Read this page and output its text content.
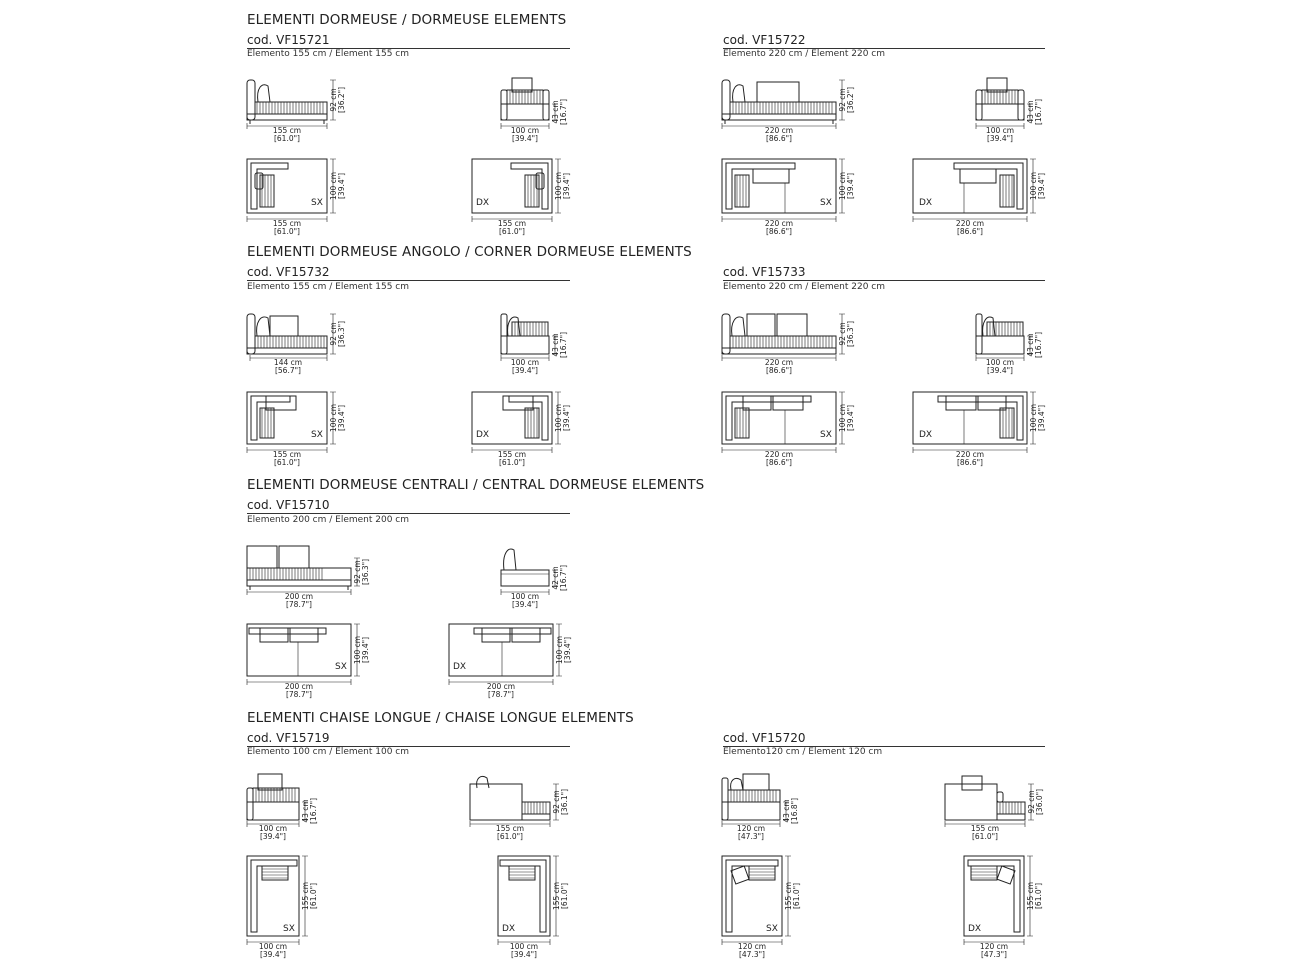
ELEMENTI DORMEUSE / DORMEUSE ELEMENTS
cod. VF15721
Elemento 155 cm / Element 155 cm
cod. VF15722
Elemento 220 cm / Element 220 cm
155 cm
[61.0"]
92 cm [36.2"]
100 cm
[39.4"]
43 cm [16.7"]
SX
155 cm
[61.0"]
100 cm [39.4"]
DX
155 cm
[61.0"]
100 cm [39.4"]
220 cm
[86.6"]
92 cm [36.2"]
100 cm
[39.4"]
43 cm [16.7"]
SX
220 cm
[86.6"]
100 cm [39.4"]
DX
220 cm
[86.6"]
100 cm [39.4"]
ELEMENTI DORMEUSE ANGOLO / CORNER DORMEUSE ELEMENTS
cod. VF15732
Elemento 155 cm / Element 155 cm
cod. VF15733
Elemento 220 cm / Element 220 cm
144 cm
[56.7"]
92 cm [36.3"]
100 cm
[39.4"]
43 cm [16.7"]
SX
155 cm
[61.0"]
100 cm [39.4"]
DX
155 cm
[61.0"]
100 cm [39.4"]
220 cm
[86.6"]
92 cm [36.3"]
100 cm
[39.4"]
43 cm [16.7"]
SX
220 cm
[86.6"]
100 cm [39.4"]
DX
220 cm
[86.6"]
100 cm [39.4"]
ELEMENTI DORMEUSE CENTRALI / CENTRAL DORMEUSE ELEMENTS
cod. VF15710
Elemento 200 cm / Element 200 cm
200 cm
[78.7"]
92 cm [36.3"]
100 cm
[39.4"]
42 cm [16.7"]
SX
200 cm
[78.7"]
100 cm [39.4"]
DX
200 cm
[78.7"]
100 cm [39.4"]
ELEMENTI CHAISE LONGUE / CHAISE LONGUE ELEMENTS
cod. VF15719
Elemento 100 cm / Element 100 cm
cod. VF15720
Elemento120 cm / Element 120 cm
100 cm
[39.4"]
43 cm [16.7"]
155 cm
[61.0"]
92 cm [36.1"]
SX
100 cm
[39.4"]
155 cm [61.0"]
DX
100 cm
[39.4"]
155 cm [61.0"]
120 cm
[47.3"]
43 cm [16.8"]
155 cm
[61.0"]
92 cm [36.0"]
SX
120 cm
[47.3"]
155 cm [61.0"]
DX
120 cm
[47.3"]
155 cm [61.0"]
